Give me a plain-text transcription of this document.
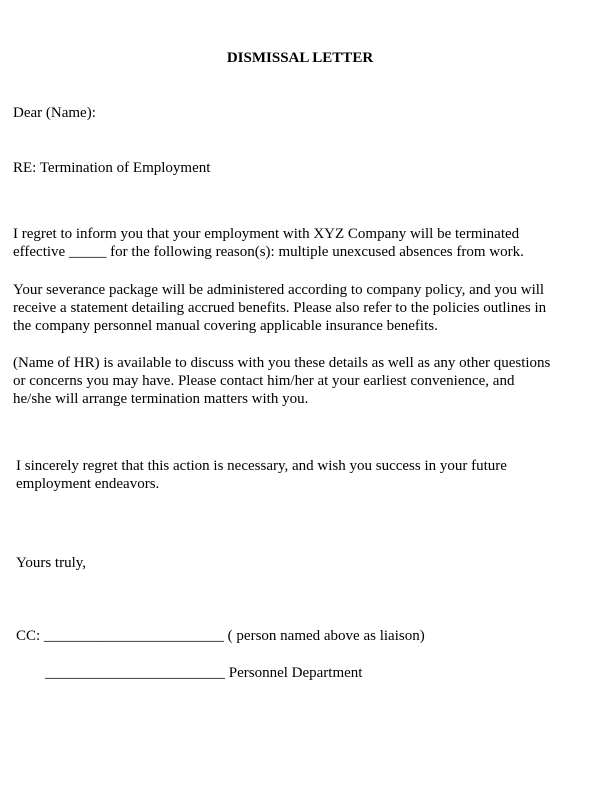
DISMISSAL LETTER
Dear (Name):
RE: Termination of Employment
I regret to inform you that your employment with XYZ Company will be terminated
effective _____ for the following reason(s): multiple unexcused absences from work.
Your severance package will be administered according to company policy, and you will
receive a statement detailing accrued benefits. Please also refer to the policies outlines in
the company personnel manual covering applicable insurance benefits.
(Name of HR) is available to discuss with you these details as well as any other questions
or concerns you may have. Please contact him/her at your earliest convenience, and
he/she will arrange termination matters with you.
I sincerely regret that this action is necessary, and wish you success in your future
employment endeavors.
Yours truly,
CC: ________________________ ( person named above as liaison)
________________________ Personnel Department
